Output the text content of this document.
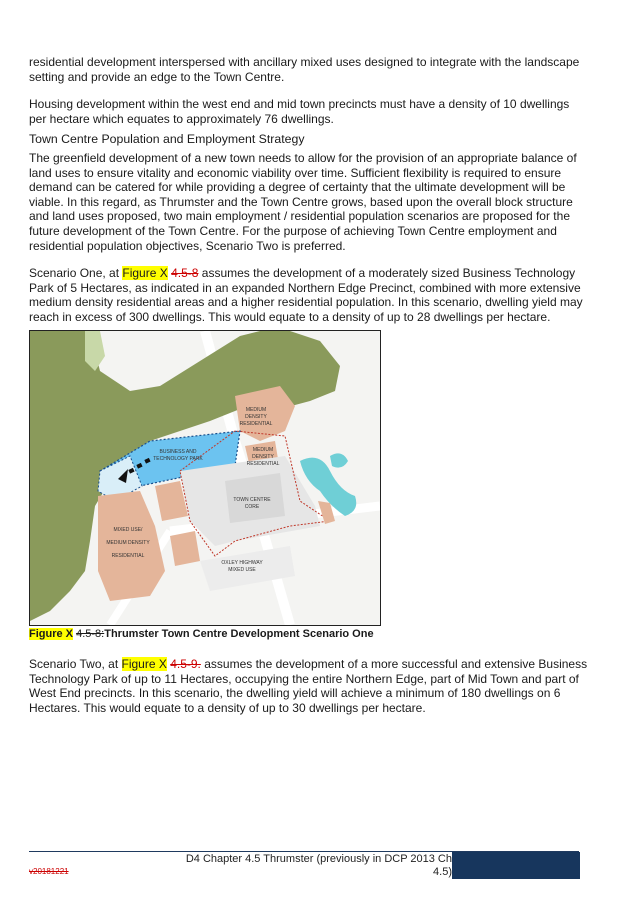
residential development interspersed with ancillary mixed uses designed to integrate with the landscape setting and provide an edge to the Town Centre.

Housing development within the west end and mid town precincts must have a density of 10 dwellings per hectare which equates to approximately 76 dwellings.

Town Centre Population and Employment Strategy

The greenfield development of a new town needs to allow for the provision of an appropriate balance of land uses to ensure vitality and economic viability over time. Sufficient flexibility is required to ensure demand can be catered for while providing a degree of certainty that the ultimate development will be viable. In this regard, as Thrumster and the Town Centre grows, based upon the overall block structure and land uses proposed, two main employment / residential population scenarios are proposed for the future development of the Town Centre. For the purpose of achieving Town Centre employment and residential population objectives, Scenario Two is preferred.

Scenario One, at Figure X 4.5-8 assumes the development of a moderately sized Business Technology Park of 5 Hectares, as indicated in an expanded Northern Edge Precinct, combined with more extensive medium density residential areas and a higher residential population. In this scenario, dwelling yield may reach in excess of 300 dwellings. This would equate to a density of up to 28 dwellings per hectare.

MEDIUM
DENSITY
RESIDENTIAL
MEDIUM
DENSITY
RESIDENTIAL
BUSINESS AND
TECHNOLOGY PARK
TOWN CENTRE
CORE
MIXED USE/
MEDIUM DENSITY
RESIDENTIAL
OXLEY HIGHWAY
MIXED USE
Figure X 4.5-8:Thrumster Town Centre Development Scenario One

Scenario Two, at Figure X 4.5-9. assumes the development of a more successful and extensive Business Technology Park of up to 11 Hectares, occupying the entire Northern Edge, part of Mid Town and part of West End precincts. In this scenario, the dwelling yield will achieve a minimum of 180 dwellings on 6 Hectares. This would equate to a density of up to 30 dwellings per hectare.

D4 Chapter 4.5 Thrumster (previously in DCP 2013 Ch 4.5)
v20181221
